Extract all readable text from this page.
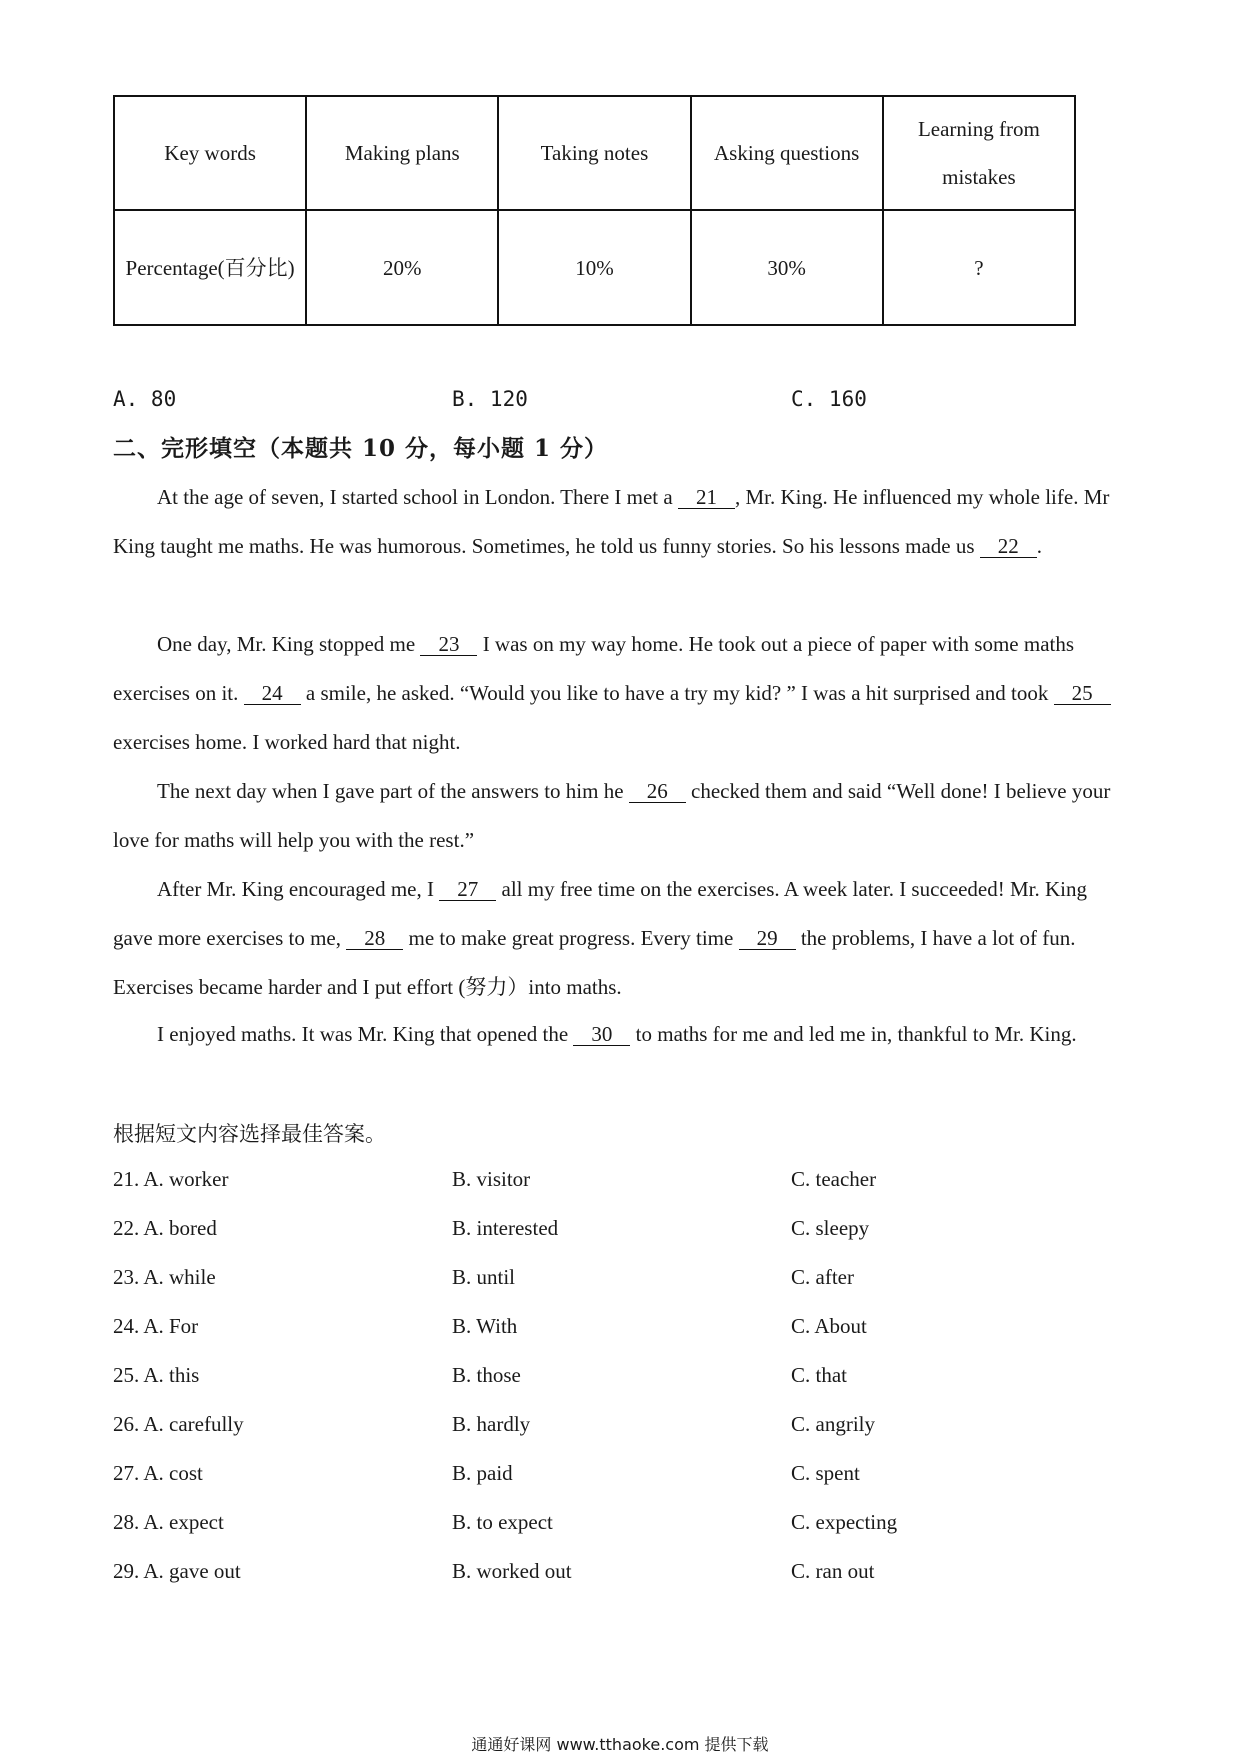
Key words	Making plans	Taking notes	Asking questions	Learning from mistakes
Percentage(百分比)	20%	10%	30%	?
A. 80	B. 120	C. 160
二、完形填空（本题共 10 分，每小题 1 分）

At the age of seven, I started school in London. There I met a 21 , Mr. King. He influenced my whole life. Mr King taught me maths. He was humorous. Sometimes, he told us funny stories. So his lessons made us 22 .

One day, Mr. King stopped me 23 I was on my way home. He took out a piece of paper with some maths exercises on it. 24 a smile, he asked. “Would you like to have a try my kid? ” I was a hit surprised and took 25 exercises home. I worked hard that night.

The next day when I gave part of the answers to him he 26 checked them and said “Well done! I believe your love for maths will help you with the rest.”

After Mr. King encouraged me, I 27 all my free time on the exercises. A week later. I succeeded! Mr. King gave more exercises to me, 28 me to make great progress. Every time 29 the problems, I have a lot of fun. Exercises became harder and I put effort (努力）into maths.

I enjoyed maths. It was Mr. King that opened the 30 to maths for me and led me in, thankful to Mr. King.

根据短文内容选择最佳答案。
21. A. worker	B. visitor	C. teacher
22. A. bored	B. interested	C. sleepy
23. A. while	B. until	C. after
24. A. For	B. With	C. About
25. A. this	B. those	C. that
26. A. carefully	B. hardly	C. angrily
27. A. cost	B. paid	C. spent
28. A. expect	B. to expect	C. expecting
29. A. gave out	B. worked out	C. ran out
通通好课网 www.tthaoke.com 提供下载
